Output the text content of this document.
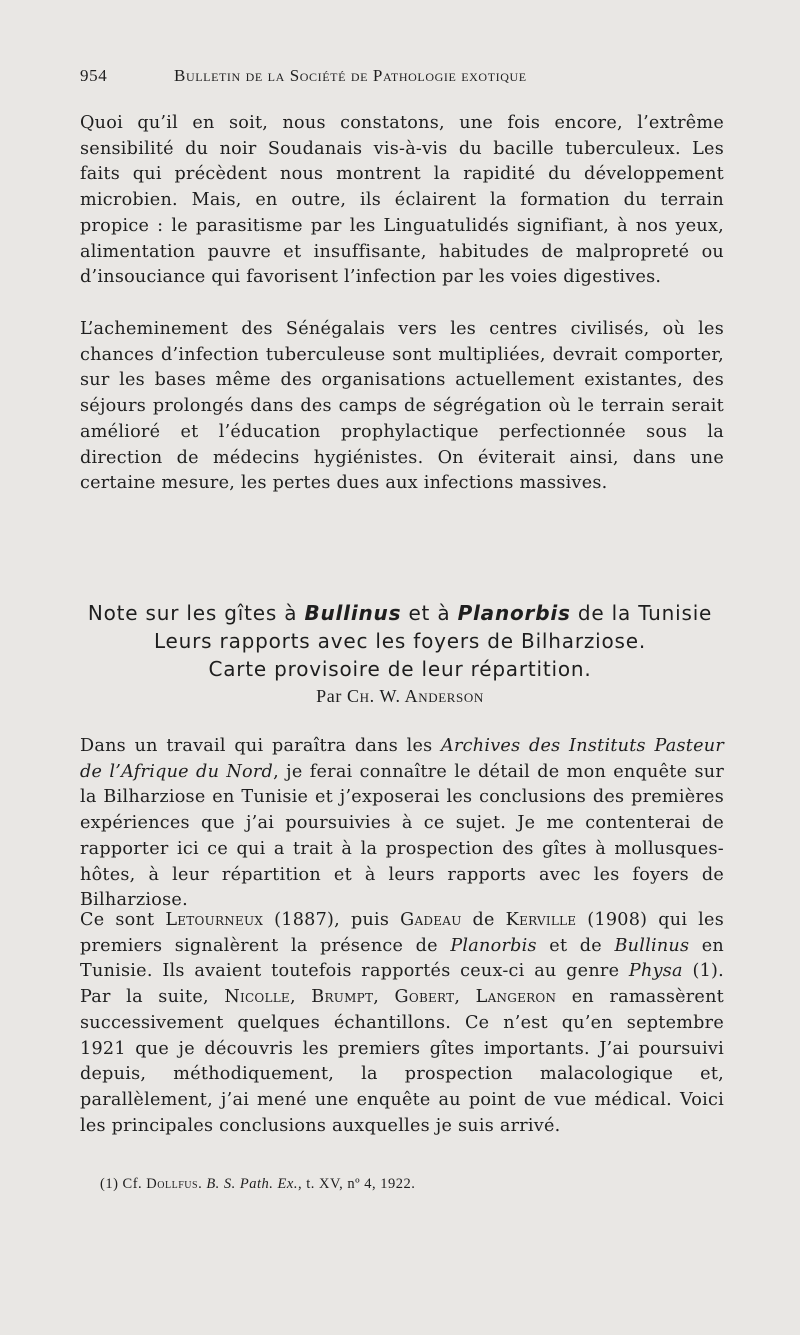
954	Bulletin de la Société de Pathologie exotique

Quoi qu’il en soit, nous constatons, une fois encore, l’extrême sensibilité du noir Soudanais vis-à-vis du bacille tuberculeux. Les faits qui précèdent nous montrent la rapidité du développement microbien. Mais, en outre, ils éclairent la formation du terrain propice : le parasitisme par les Linguatulidés signifiant, à nos yeux, alimentation pauvre et insuffisante, habitudes de malpropreté ou d’insouciance qui favorisent l’infection par les voies digestives.

L’acheminement des Sénégalais vers les centres civilisés, où les chances d’infection tuberculeuse sont multipliées, devrait comporter, sur les bases même des organisations actuellement existantes, des séjours prolongés dans des camps de ségrégation où le terrain serait amélioré et l’éducation prophylactique perfectionnée sous la direction de médecins hygiénistes. On éviterait ainsi, dans une certaine mesure, les pertes dues aux infections massives.

Note sur les gîtes à Bullinus et à Planorbis de la Tunisie
Leurs rapports avec les foyers de Bilharziose.
Carte provisoire de leur répartition.
Par Ch. W. Anderson

Dans un travail qui paraîtra dans les Archives des Instituts Pasteur de l’Afrique du Nord, je ferai connaître le détail de mon enquête sur la Bilharziose en Tunisie et j’exposerai les conclusions des premières expériences que j’ai poursuivies à ce sujet. Je me contenterai de rapporter ici ce qui a trait à la prospection des gîtes à mollusques-hôtes, à leur répartition et à leurs rapports avec les foyers de Bilharziose.

Ce sont Letourneux (1887), puis Gadeau de Kerville (1908) qui les premiers signalèrent la présence de Planorbis et de Bullinus en Tunisie. Ils avaient toutefois rapportés ceux-ci au genre Physa (1). Par la suite, Nicolle, Brumpt, Gobert, Langeron en ramassèrent successivement quelques échantillons. Ce n’est qu’en septembre 1921 que je découvris les premiers gîtes importants. J’ai poursuivi depuis, méthodiquement, la prospection malacologique et, parallèlement, j’ai mené une enquête au point de vue médical. Voici les principales conclusions auxquelles je suis arrivé.

(1) Cf. Dollfus. B. S. Path. Ex., t. XV, nº 4, 1922.
